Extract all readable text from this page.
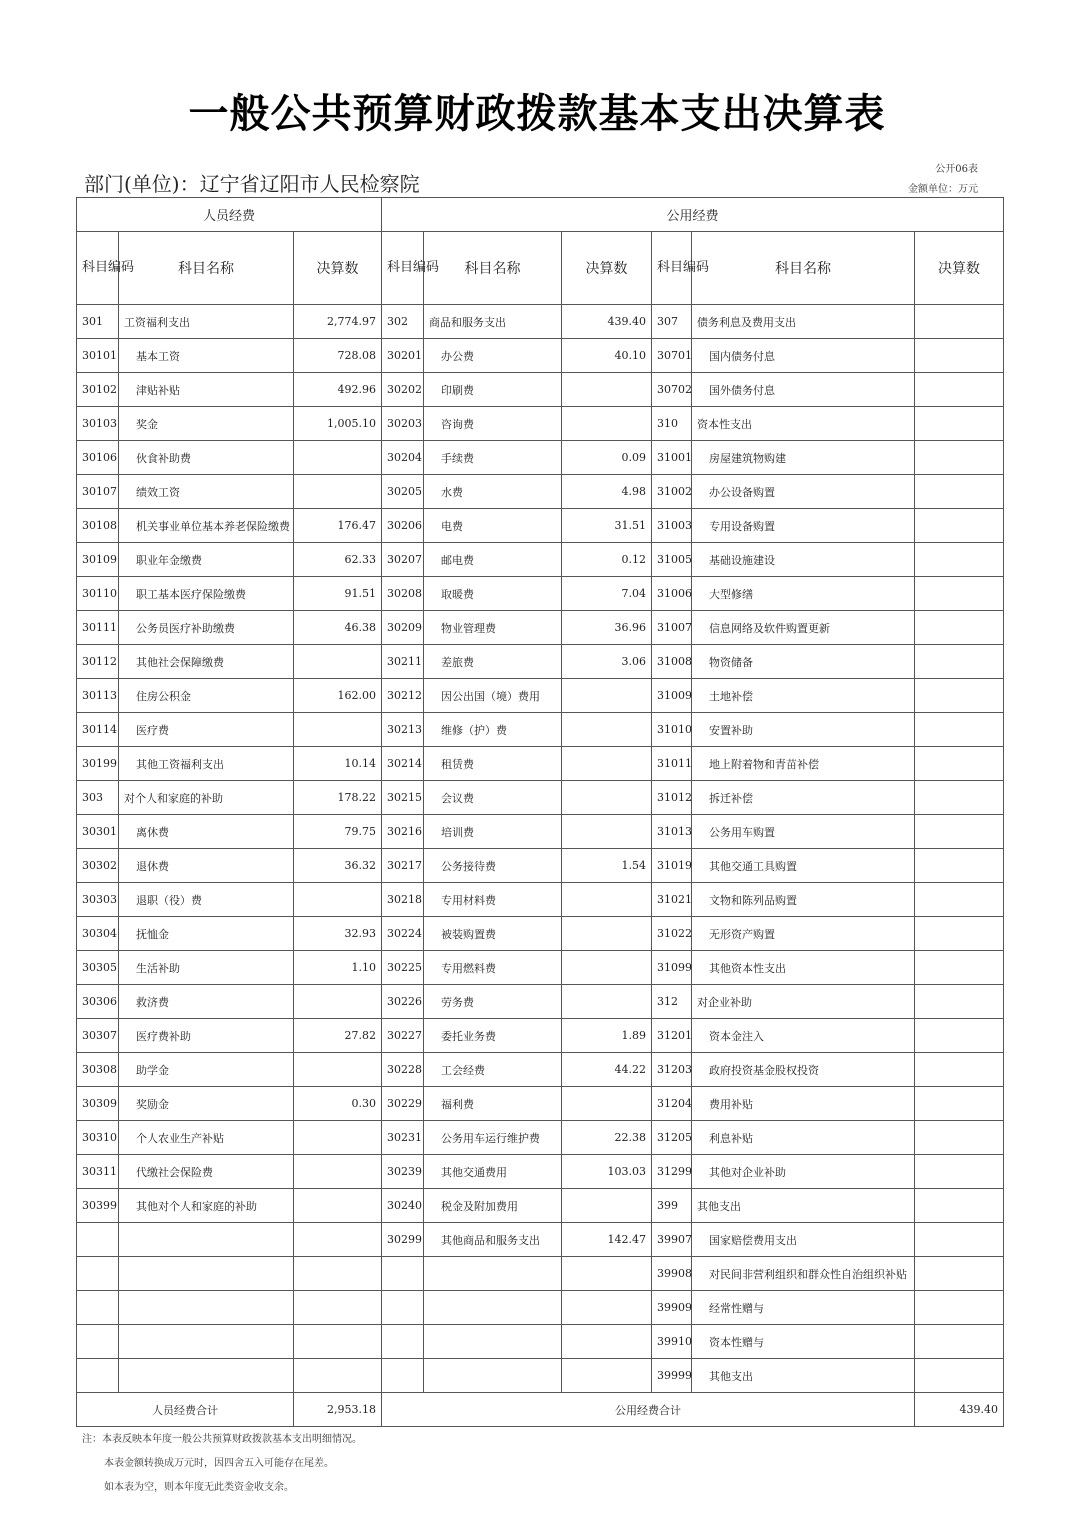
一般公共预算财政拨款基本支出决算表
部门(单位)：辽宁省辽阳市人民检察院
公开06表
金额单位：万元
人员经费			公用经费					
科目编码	科目名称	决算数	科目编码	科目名称	决算数	科目编码	科目名称	决算数
301	工资福利支出	2,774.97	302	商品和服务支出	439.40	307	债务利息及费用支出	
30101	基本工资	728.08	30201	办公费	40.10	30701	国内债务付息	
30102	津贴补贴	492.96	30202	印刷费		30702	国外债务付息	
30103	奖金	1,005.10	30203	咨询费		310	资本性支出	
30106	伙食补助费		30204	手续费	0.09	31001	房屋建筑物购建	
30107	绩效工资		30205	水费	4.98	31002	办公设备购置	
30108	机关事业单位基本养老保险缴费	176.47	30206	电费	31.51	31003	专用设备购置	
30109	职业年金缴费	62.33	30207	邮电费	0.12	31005	基础设施建设	
30110	职工基本医疗保险缴费	91.51	30208	取暖费	7.04	31006	大型修缮	
30111	公务员医疗补助缴费	46.38	30209	物业管理费	36.96	31007	信息网络及软件购置更新	
30112	其他社会保障缴费		30211	差旅费	3.06	31008	物资储备	
30113	住房公积金	162.00	30212	因公出国（境）费用		31009	土地补偿	
30114	医疗费		30213	维修（护）费		31010	安置补助	
30199	其他工资福利支出	10.14	30214	租赁费		31011	地上附着物和青苗补偿	
303	对个人和家庭的补助	178.22	30215	会议费		31012	拆迁补偿	
30301	离休费	79.75	30216	培训费		31013	公务用车购置	
30302	退休费	36.32	30217	公务接待费	1.54	31019	其他交通工具购置	
30303	退职（役）费		30218	专用材料费		31021	文物和陈列品购置	
30304	抚恤金	32.93	30224	被装购置费		31022	无形资产购置	
30305	生活补助	1.10	30225	专用燃料费		31099	其他资本性支出	
30306	救济费		30226	劳务费		312	对企业补助	
30307	医疗费补助	27.82	30227	委托业务费	1.89	31201	资本金注入	
30308	助学金		30228	工会经费	44.22	31203	政府投资基金股权投资	
30309	奖励金	0.30	30229	福利费		31204	费用补贴	
30310	个人农业生产补贴		30231	公务用车运行维护费	22.38	31205	利息补贴	
30311	代缴社会保险费		30239	其他交通费用	103.03	31299	其他对企业补助	
30399	其他对个人和家庭的补助		30240	税金及附加费用		399	其他支出	
			30299	其他商品和服务支出	142.47	39907	国家赔偿费用支出	
						39908	对民间非营利组织和群众性自治组织补贴	
						39909	经常性赠与	
						39910	资本性赠与	
						39999	其他支出	
人员经费合计		2,953.18	公用经费合计					439.40
注：本表反映本年度一般公共预算财政拨款基本支出明细情况。
本表金额转换成万元时，因四舍五入可能存在尾差。
如本表为空，则本年度无此类资金收支余。
